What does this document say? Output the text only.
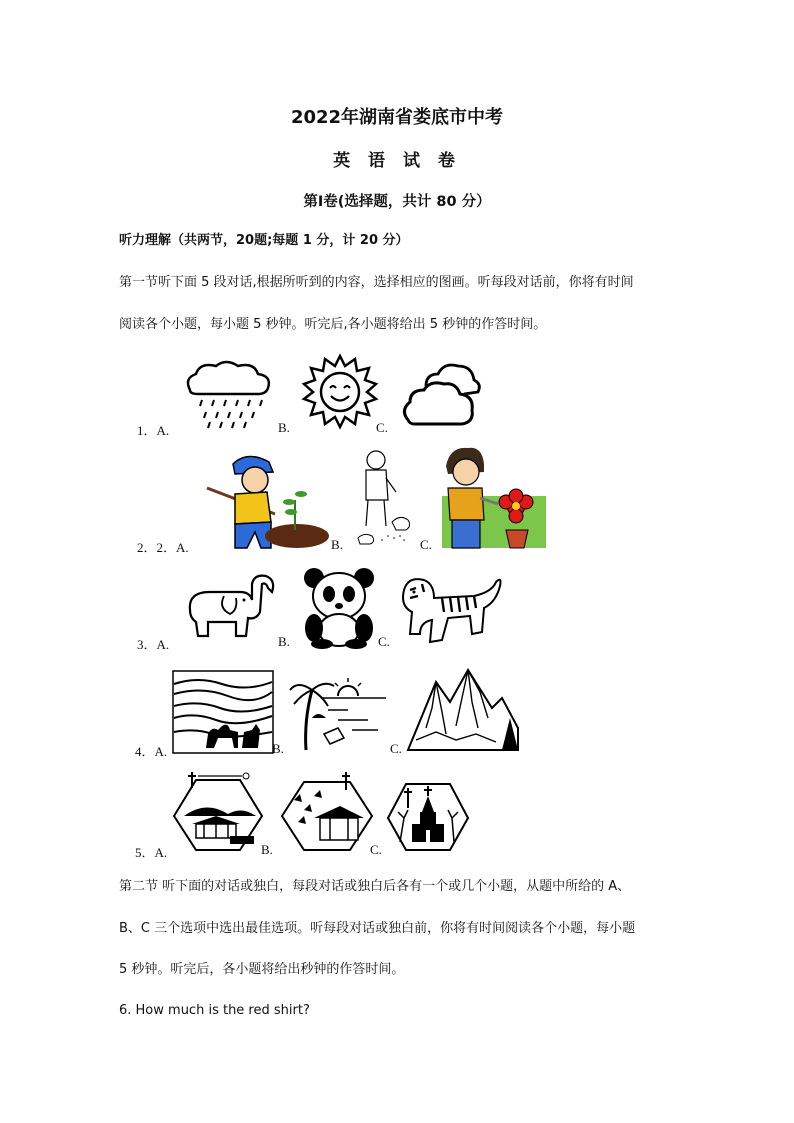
2022年湖南省娄底市中考
英 语 试 卷
第Ⅰ卷(选择题，共计 80 分）
听力理解（共两节，20题;每题 1 分，计 20 分）
第一节听下面 5 段对话,根据所听到的内容，选择相应的图画。听每段对话前，你将有时间
阅读各个小题，每小题 5 秒钟。听完后,各小题将给出 5 秒钟的作答时间。
1．A.	B.	C.
2．2．A.	B.	C.
3．A.	B.	C.
4．A.	B.	C.
5．A.	B.	C.
第二节 听下面的对话或独白，每段对话或独白后各有一个或几个小题，从题中所给的 A、
B、C 三个选项中选出最佳选项。听每段对话或独白前，你将有时间阅读各个小题，每小题
5 秒钟。听完后，各小题将给出秒钟的作答时间。
6. How much is the red shirt?
